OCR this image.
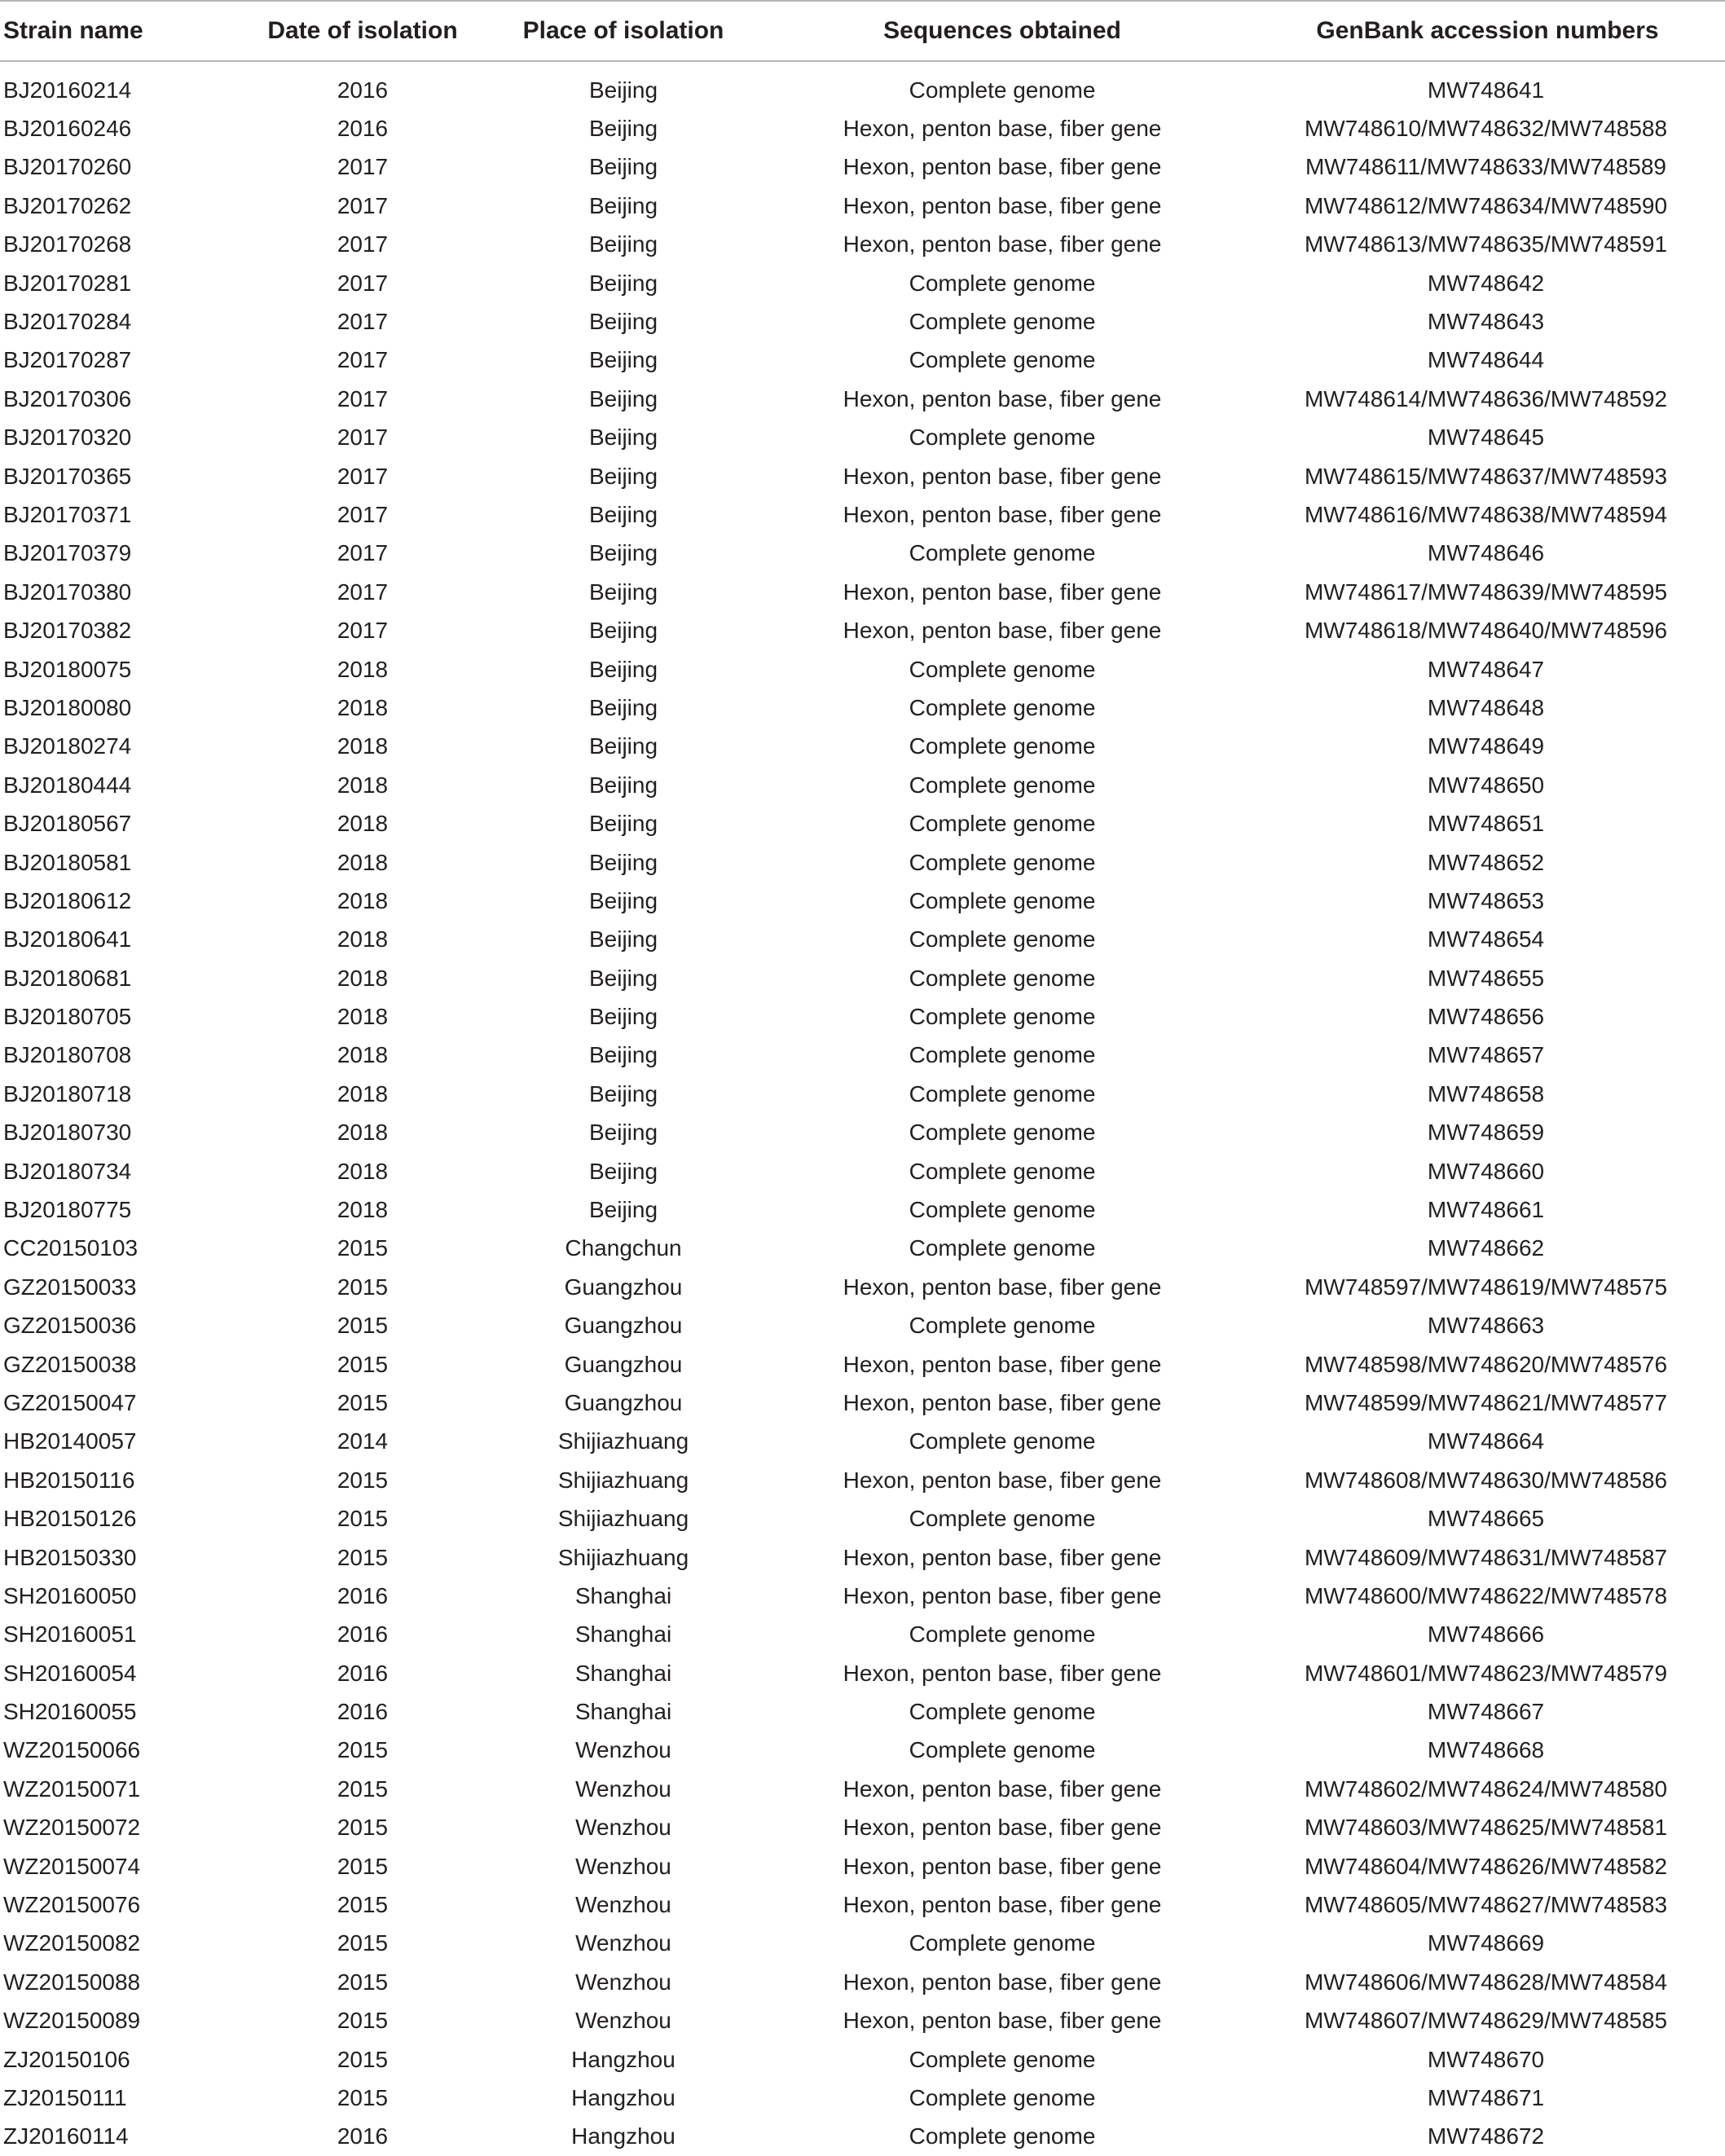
Strain name	Date of isolation	Place of isolation	Sequences obtained	GenBank accession numbers
BJ20160214	2016	Beijing	Complete genome	MW748641
BJ20160246	2016	Beijing	Hexon, penton base, fiber gene	MW748610/MW748632/MW748588
BJ20170260	2017	Beijing	Hexon, penton base, fiber gene	MW748611/MW748633/MW748589
BJ20170262	2017	Beijing	Hexon, penton base, fiber gene	MW748612/MW748634/MW748590
BJ20170268	2017	Beijing	Hexon, penton base, fiber gene	MW748613/MW748635/MW748591
BJ20170281	2017	Beijing	Complete genome	MW748642
BJ20170284	2017	Beijing	Complete genome	MW748643
BJ20170287	2017	Beijing	Complete genome	MW748644
BJ20170306	2017	Beijing	Hexon, penton base, fiber gene	MW748614/MW748636/MW748592
BJ20170320	2017	Beijing	Complete genome	MW748645
BJ20170365	2017	Beijing	Hexon, penton base, fiber gene	MW748615/MW748637/MW748593
BJ20170371	2017	Beijing	Hexon, penton base, fiber gene	MW748616/MW748638/MW748594
BJ20170379	2017	Beijing	Complete genome	MW748646
BJ20170380	2017	Beijing	Hexon, penton base, fiber gene	MW748617/MW748639/MW748595
BJ20170382	2017	Beijing	Hexon, penton base, fiber gene	MW748618/MW748640/MW748596
BJ20180075	2018	Beijing	Complete genome	MW748647
BJ20180080	2018	Beijing	Complete genome	MW748648
BJ20180274	2018	Beijing	Complete genome	MW748649
BJ20180444	2018	Beijing	Complete genome	MW748650
BJ20180567	2018	Beijing	Complete genome	MW748651
BJ20180581	2018	Beijing	Complete genome	MW748652
BJ20180612	2018	Beijing	Complete genome	MW748653
BJ20180641	2018	Beijing	Complete genome	MW748654
BJ20180681	2018	Beijing	Complete genome	MW748655
BJ20180705	2018	Beijing	Complete genome	MW748656
BJ20180708	2018	Beijing	Complete genome	MW748657
BJ20180718	2018	Beijing	Complete genome	MW748658
BJ20180730	2018	Beijing	Complete genome	MW748659
BJ20180734	2018	Beijing	Complete genome	MW748660
BJ20180775	2018	Beijing	Complete genome	MW748661
CC20150103	2015	Changchun	Complete genome	MW748662
GZ20150033	2015	Guangzhou	Hexon, penton base, fiber gene	MW748597/MW748619/MW748575
GZ20150036	2015	Guangzhou	Complete genome	MW748663
GZ20150038	2015	Guangzhou	Hexon, penton base, fiber gene	MW748598/MW748620/MW748576
GZ20150047	2015	Guangzhou	Hexon, penton base, fiber gene	MW748599/MW748621/MW748577
HB20140057	2014	Shijiazhuang	Complete genome	MW748664
HB20150116	2015	Shijiazhuang	Hexon, penton base, fiber gene	MW748608/MW748630/MW748586
HB20150126	2015	Shijiazhuang	Complete genome	MW748665
HB20150330	2015	Shijiazhuang	Hexon, penton base, fiber gene	MW748609/MW748631/MW748587
SH20160050	2016	Shanghai	Hexon, penton base, fiber gene	MW748600/MW748622/MW748578
SH20160051	2016	Shanghai	Complete genome	MW748666
SH20160054	2016	Shanghai	Hexon, penton base, fiber gene	MW748601/MW748623/MW748579
SH20160055	2016	Shanghai	Complete genome	MW748667
WZ20150066	2015	Wenzhou	Complete genome	MW748668
WZ20150071	2015	Wenzhou	Hexon, penton base, fiber gene	MW748602/MW748624/MW748580
WZ20150072	2015	Wenzhou	Hexon, penton base, fiber gene	MW748603/MW748625/MW748581
WZ20150074	2015	Wenzhou	Hexon, penton base, fiber gene	MW748604/MW748626/MW748582
WZ20150076	2015	Wenzhou	Hexon, penton base, fiber gene	MW748605/MW748627/MW748583
WZ20150082	2015	Wenzhou	Complete genome	MW748669
WZ20150088	2015	Wenzhou	Hexon, penton base, fiber gene	MW748606/MW748628/MW748584
WZ20150089	2015	Wenzhou	Hexon, penton base, fiber gene	MW748607/MW748629/MW748585
ZJ20150106	2015	Hangzhou	Complete genome	MW748670
ZJ20150111	2015	Hangzhou	Complete genome	MW748671
ZJ20160114	2016	Hangzhou	Complete genome	MW748672
